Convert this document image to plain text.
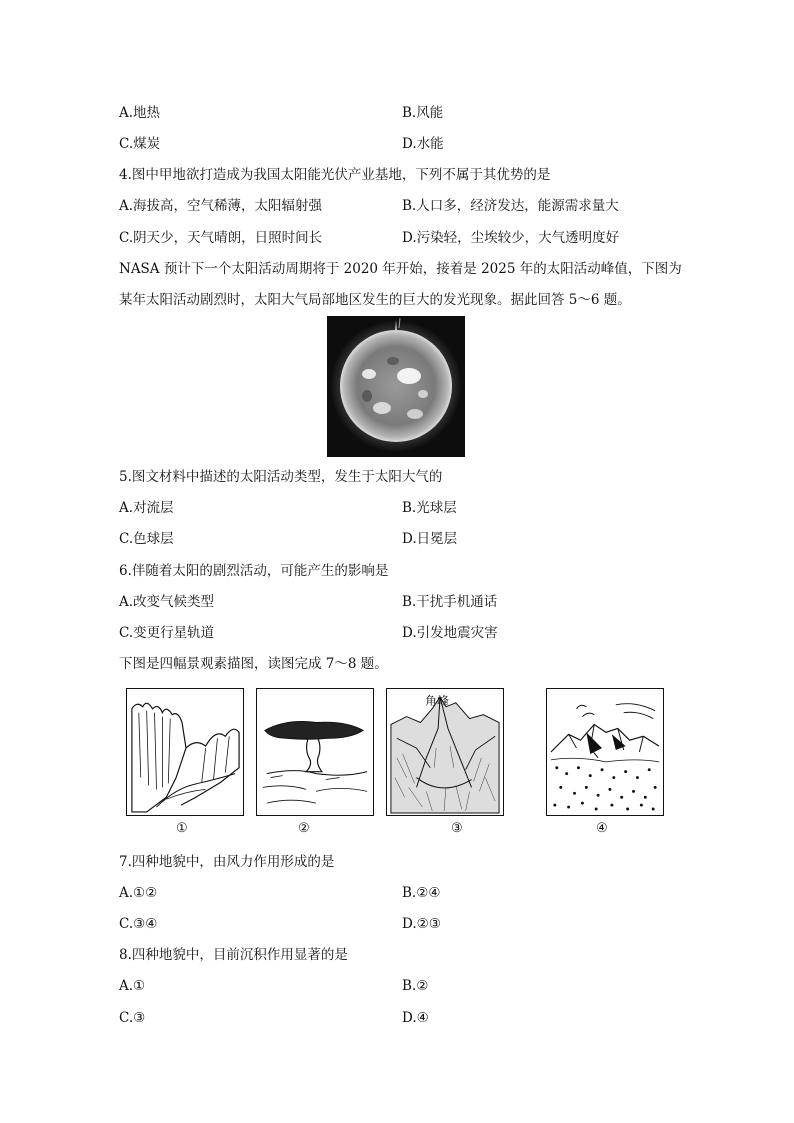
A.地热	B.风能
C.煤炭	D.水能
4.图中甲地欲打造成为我国太阳能光伏产业基地，下列不属于其优势的是
A.海拔高，空气稀薄，太阳辐射强	B.人口多，经济发达，能源需求量大
C.阴天少，天气晴朗，日照时间长	D.污染轻，尘埃较少，大气透明度好
NASA 预计下一个太阳活动周期将于 2020 年开始，接着是 2025 年的太阳活动峰值，下图为
某年太阳活动剧烈时，太阳大气局部地区发生的巨大的发光现象。据此回答 5～6 题。
5.图文材料中描述的太阳活动类型，发生于太阳大气的
A.对流层	B.光球层
C.色球层	D.日冕层
6.伴随着太阳的剧烈活动，可能产生的影响是
A.改变气候类型	B.干扰手机通话
C.变更行星轨道	D.引发地震灾害
下图是四幅景观素描图，读图完成 7～8 题。
角峰
①	②	③	④
7.四种地貌中，由风力作用形成的是
A.①②	B.②④
C.③④	D.②③
8.四种地貌中，目前沉积作用显著的是
A.①	B.②
C.③	D.④
